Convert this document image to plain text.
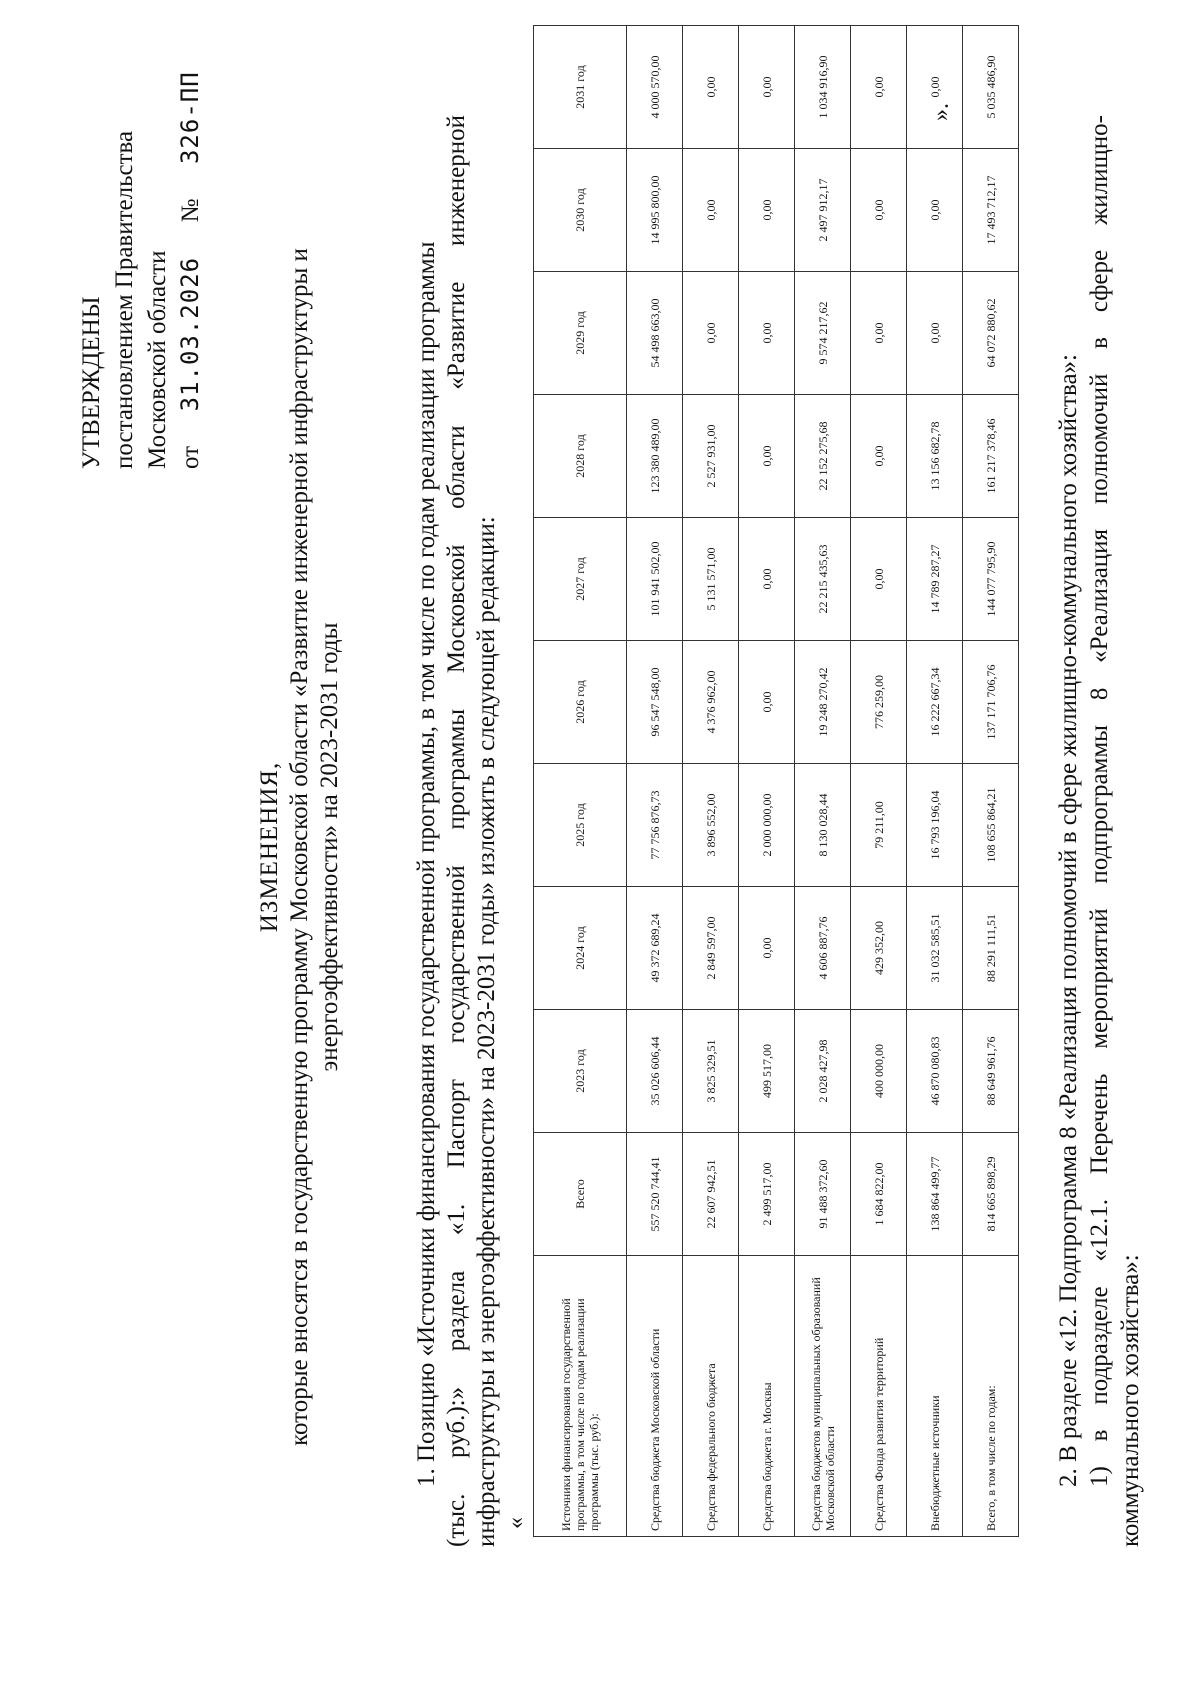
УТВЕРЖДЕНЫ постановлением Правительства Московской области от  31.03.2026  №  326-ПП
ИЗМЕНЕНИЯ, которые вносятся в государственную программу Московской области «Развитие инженерной инфраструктуры и энергоэффективности» на 2023-2031 годы	1. Позицию «Источники финансирования государственной программы, в том числе по годам реализации программы
(тыс.
руб.):»
раздела
«1.
Паспорт
государственной
программы
Московской
области
«Развитие
инженерной
инфраструктуры и энергоэффективности» на 2023-2031 годы» изложить в следующей редакции: «	Источники финансирования государственной программы, в том числе по годам реализации программы (тыс. руб.):	Всего	2023 год	2024 год	2025 год	2026 год	2027 год	2028 год	2029 год	2030 год	2031 год
Средства бюджета Московской области	557 520 744,41	35 026 606,44	49 372 689,24	77 756 876,73	96 547 548,00	101 941 502,00	123 380 489,00	54 498 663,00	14 995 800,00	4 000 570,00
Средства федерального бюджета	22 607 942,51	3 825 329,51	2 849 597,00	3 896 552,00	4 376 962,00	5 131 571,00	2 527 931,00	0,00	0,00	0,00
Средства бюджета г. Москвы	2 499 517,00	499 517,00	0,00	2 000 000,00	0,00	0,00	0,00	0,00	0,00	0,00
Средства бюджетов муниципальных образований Московской области	91 488 372,60	2 028 427,98	4 606 887,76	8 130 028,44	19 248 270,42	22 215 435,63	22 152 275,68	9 574 217,62	2 497 912,17	1 034 916,90
Средства Фонда развития территорий	1 684 822,00	400 000,00	429 352,00	79 211,00	776 259,00	0,00	0,00	0,00	0,00	0,00
Внебюджетные источники	138 864 499,77	46 870 080,83	31 032 585,51	16 793 196,04	16 222 667,34	14 789 287,27	13 156 682,78	0,00	0,00	0,00
Всего, в том числе по годам:	814 665 898,29	88 649 961,76	88 291 111,51	108 655 864,21	137 171 706,76	144 077 795,90	161 217 378,46	64 072 880,62	17 493 712,17	5 035 486,90
».
2. В разделе «12. Подпрограмма 8 «Реализация полномочий в сфере жилищно-коммунального хозяйства»: 1)
в
подразделе
«12.1.
Перечень
мероприятий
подпрограммы
8
«Реализация
полномочий
в
сфере
жилищно-
коммунального хозяйства»:
